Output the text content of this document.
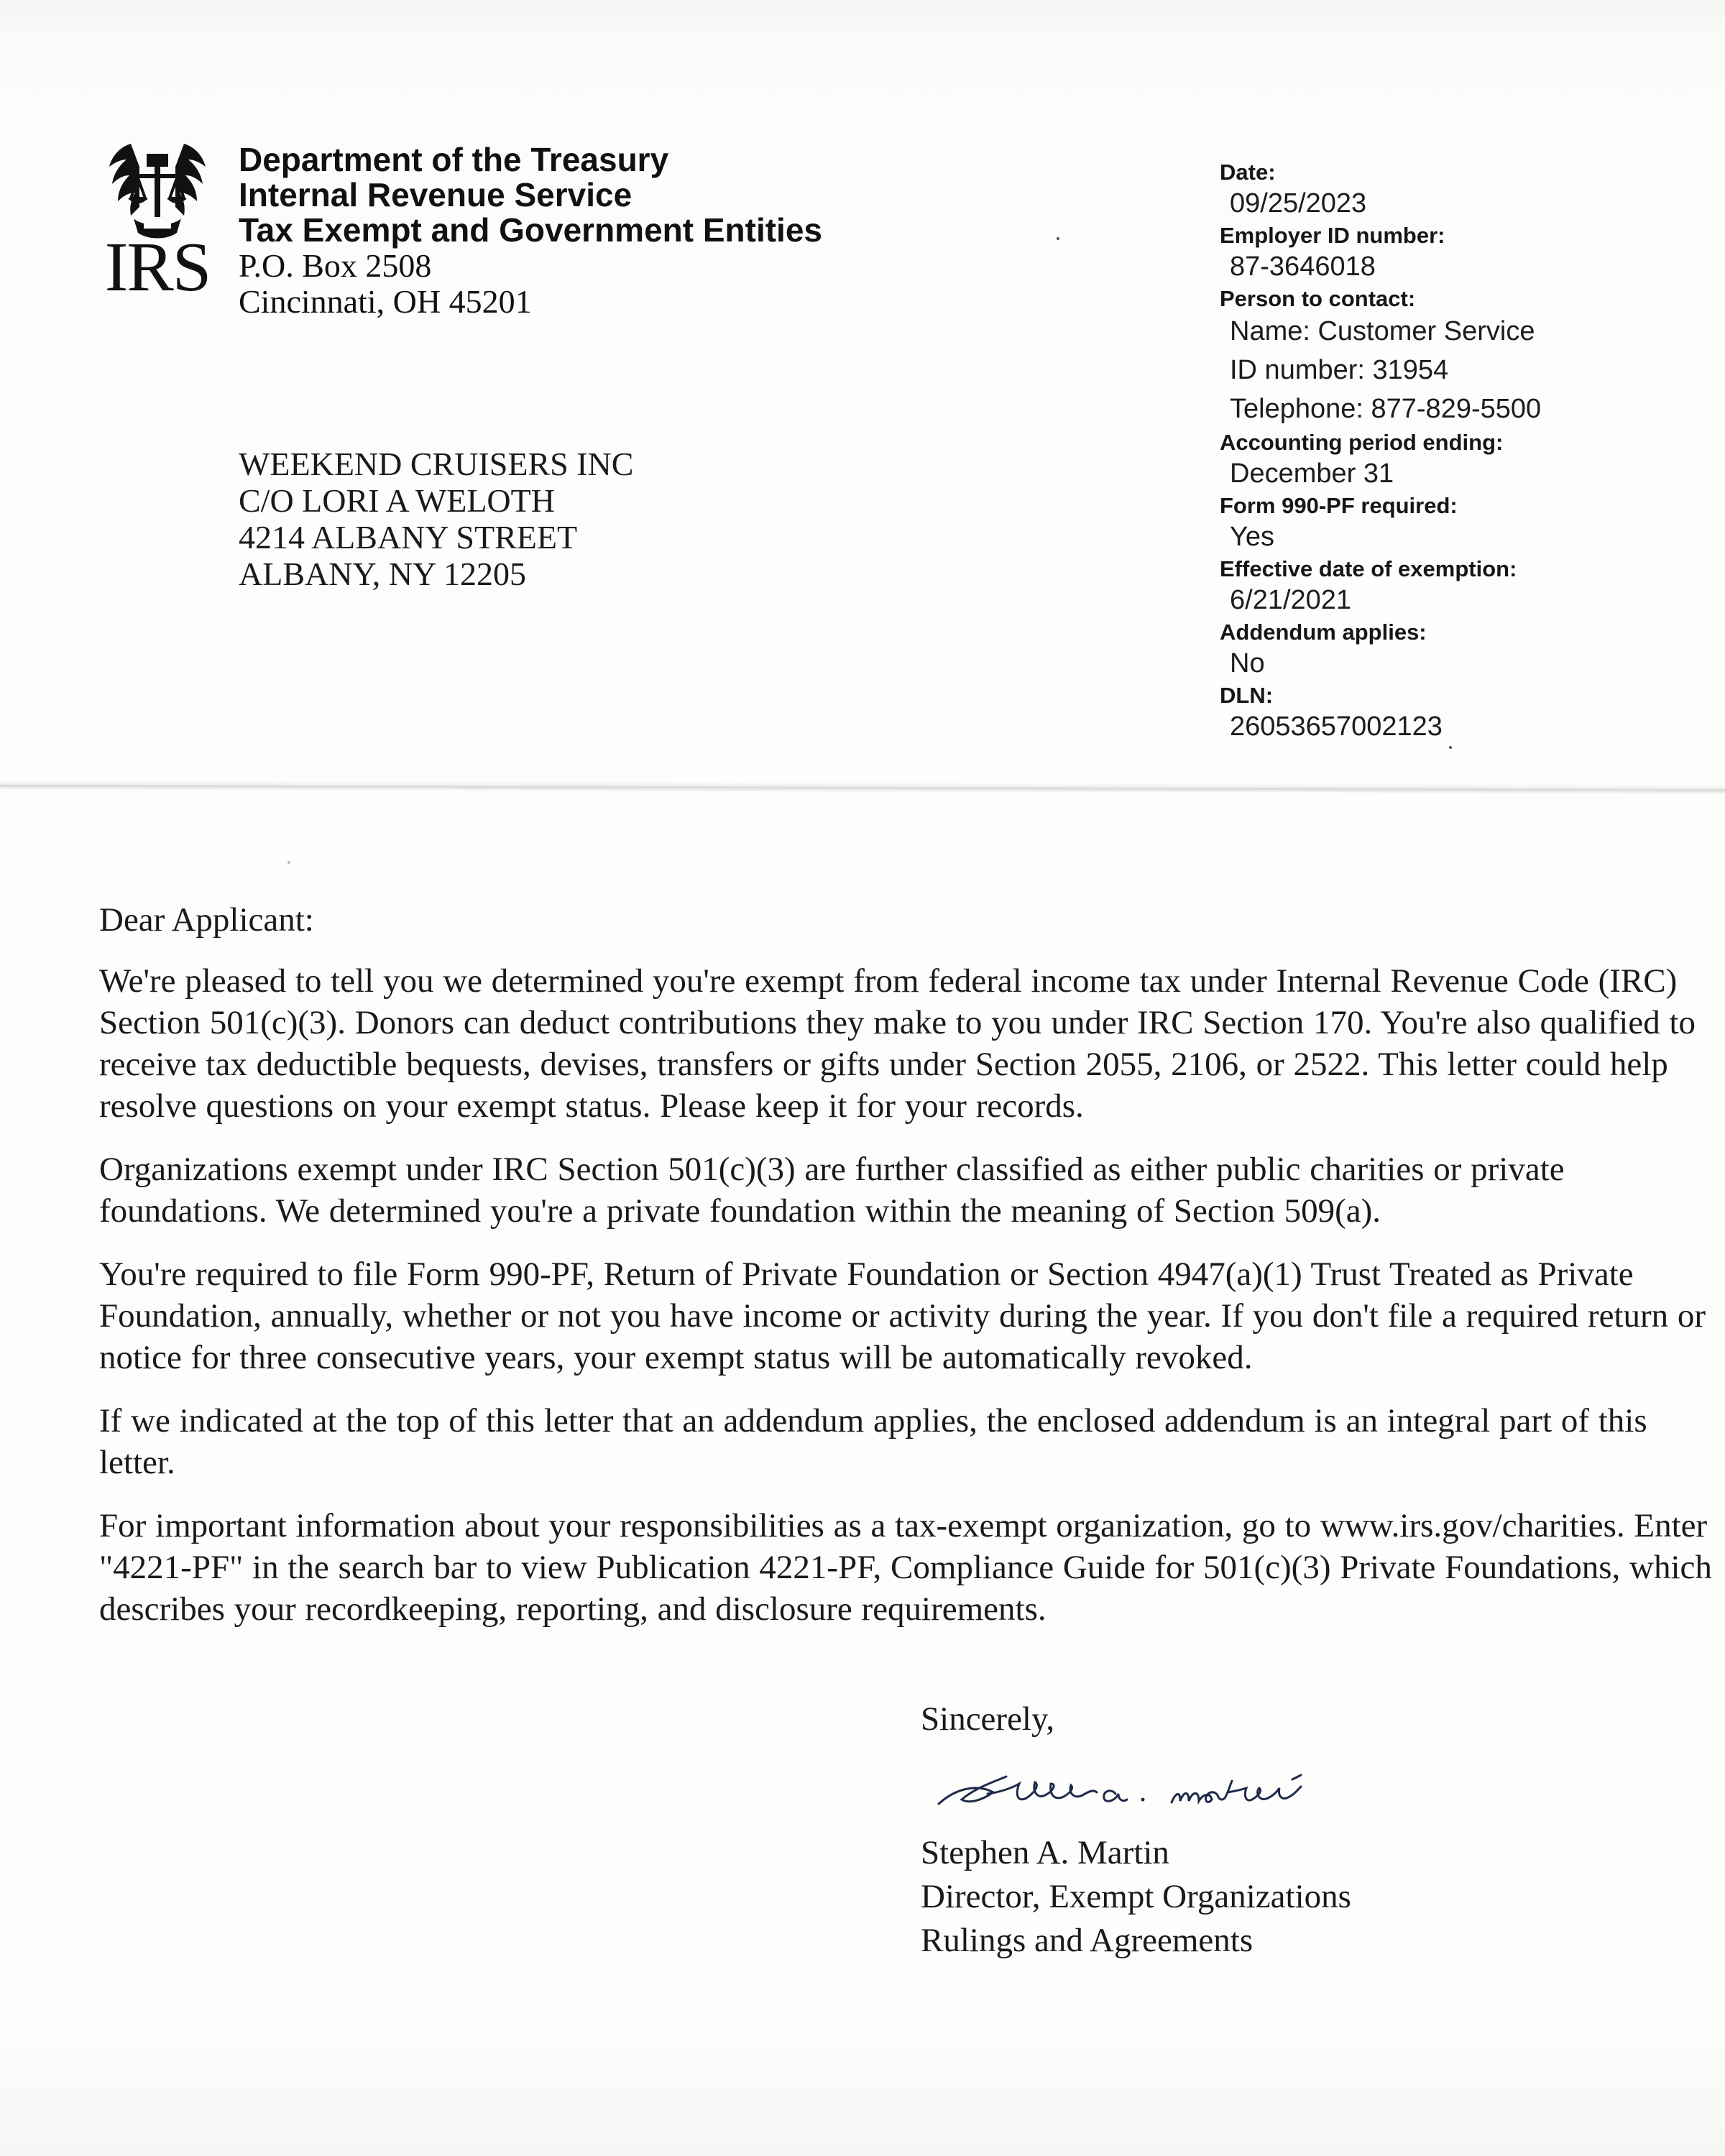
IRS
Department of the Treasury
Internal Revenue Service
Tax Exempt and Government Entities
P.O. Box 2508
Cincinnati, OH 45201
Date:
09/25/2023
Employer ID number:
87-3646018
Person to contact:
Name: Customer Service
ID number: 31954
Telephone: 877-829-5500
Accounting period ending:
December 31
Form 990-PF required:
Yes
Effective date of exemption:
6/21/2021
Addendum applies:
No
DLN:
26053657002123
WEEKEND CRUISERS INC
C/O LORI A WELOTH
4214 ALBANY STREET
ALBANY, NY 12205

Dear Applicant:

We're pleased to tell you we determined you're exempt from federal income tax under Internal Revenue Code (IRC) Section 501(c)(3). Donors can deduct contributions they make to you under IRC Section 170. You're also qualified to receive tax deductible bequests, devises, transfers or gifts under Section 2055, 2106, or 2522. This letter could help resolve questions on your exempt status. Please keep it for your records.

Organizations exempt under IRC Section 501(c)(3) are further classified as either public charities or private foundations. We determined you're a private foundation within the meaning of Section 509(a).

You're required to file Form 990-PF, Return of Private Foundation or Section 4947(a)(1) Trust Treated as Private Foundation, annually, whether or not you have income or activity during the year. If you don't file a required return or notice for three consecutive years, your exempt status will be automatically revoked.

If we indicated at the top of this letter that an addendum applies, the enclosed addendum is an integral part of this letter.

For important information about your responsibilities as a tax-exempt organization, go to www.irs.gov/charities. Enter "4221-PF" in the search bar to view Publication 4221-PF, Compliance Guide for 501(c)(3) Private Foundations, which describes your recordkeeping, reporting, and disclosure requirements.

Sincerely,
Stephen A. Martin
Director, Exempt Organizations
Rulings and Agreements
